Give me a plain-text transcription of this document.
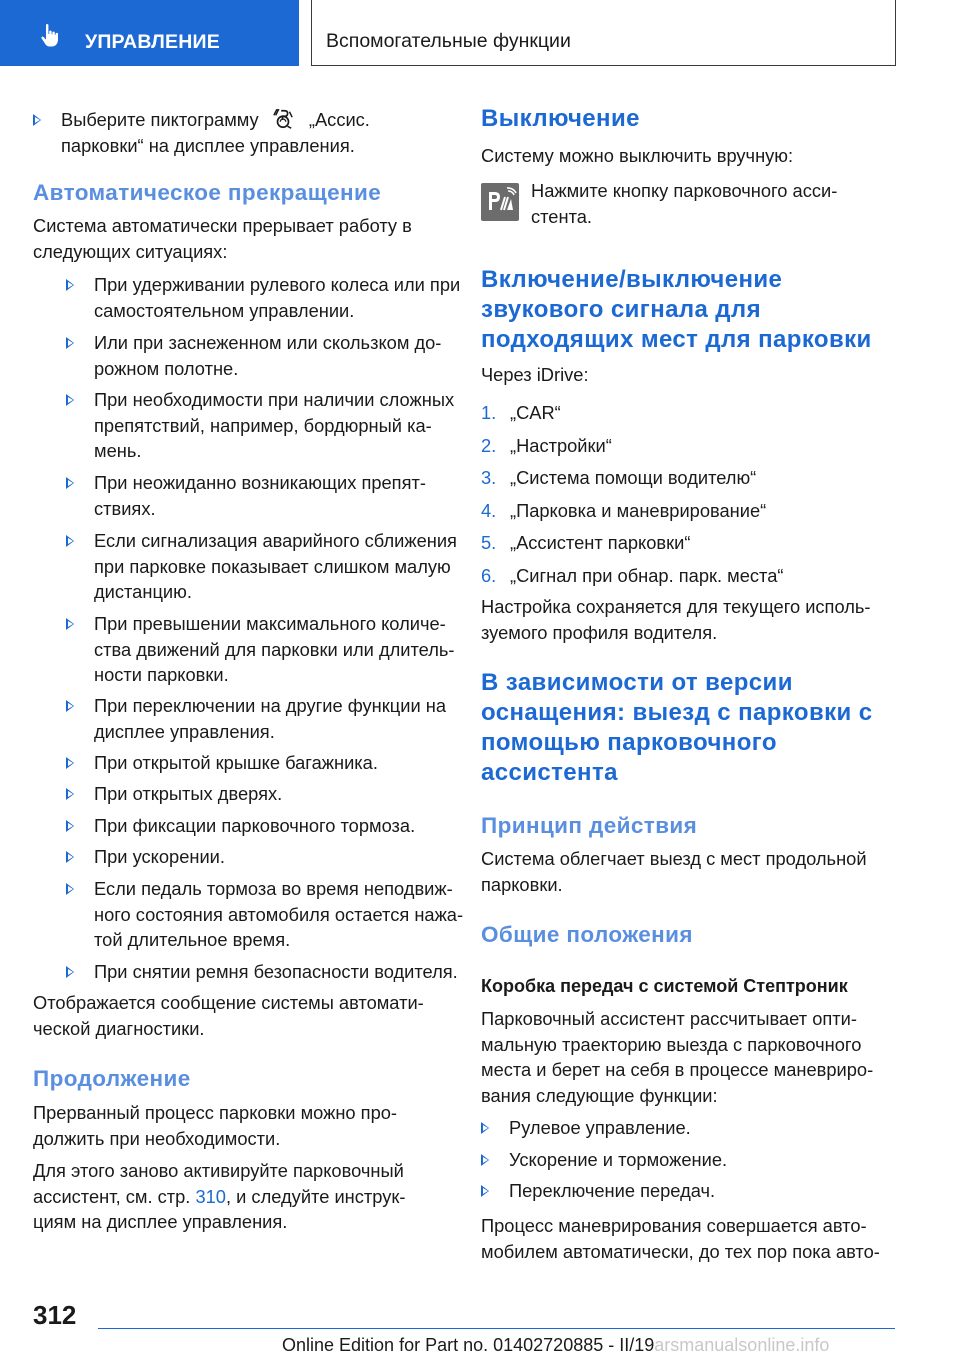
УПРАВЛЕНИЕ	Вспомогательные функции
Выберите пиктограмму	„Ассис.
парковки“ на дисплее управления.
Автоматическое прекращение
Система автоматически прерывает работу в
следующих ситуациях:
При удерживании рулевого колеса или при
самостоятельном управлении.
Или при заснеженном или скользком до-
рожном полотне.
При необходимости при наличии сложных
препятствий, например, бордюрный ка-
мень.
При неожиданно возникающих препят-
ствиях.
Если сигнализация аварийного сближения
при парковке показывает слишком малую
дистанцию.
При превышении максимального количе-
ства движений для парковки или длитель-
ности парковки.
При переключении на другие функции на
дисплее управления.
При открытой крышке багажника.
При открытых дверях.
При фиксации парковочного тормоза.
При ускорении.
Если педаль тормоза во время неподвиж-
ного состояния автомобиля остается нажа-
той длительное время.
При снятии ремня безопасности водителя.
Отображается сообщение системы автомати-
ческой диагностики.
Продолжение
Прерванный процесс парковки можно про-
должить при необходимости.
Для этого заново активируйте парковочный
ассистент, см. стр. 310, и следуйте инструк-
циям на дисплее управления.
Выключение
Систему можно выключить вручную:
Нажмите кнопку парковочного асси-
стента.
Включение/выключение
звукового сигнала для
подходящих мест для парковки
Через iDrive:
1. „CAR“
2. „Настройки“
3. „Система помощи водителю“
4. „Парковка и маневрирование“
5. „Ассистент парковки“
6. „Сигнал при обнар. парк. места“
Настройка сохраняется для текущего исполь-
зуемого профиля водителя.
В зависимости от версии
оснащения: выезд с парковки с
помощью парковочного
ассистента
Принцип действия
Система облегчает выезд с мест продольной
парковки.
Общие положения
Коробка передач с системой Стептроник
Парковочный ассистент рассчитывает опти-
мальную траекторию выезда с парковочного
места и берет на себя в процессе маневриро-
вания следующие функции:
Рулевое управление.
Ускорение и торможение.
Переключение передач.
Процесс маневрирования совершается авто-
мобилем автоматически, до тех пор пока авто-
312
Online Edition for Part no. 01402720885 - II/19arsmanualsonline.info
